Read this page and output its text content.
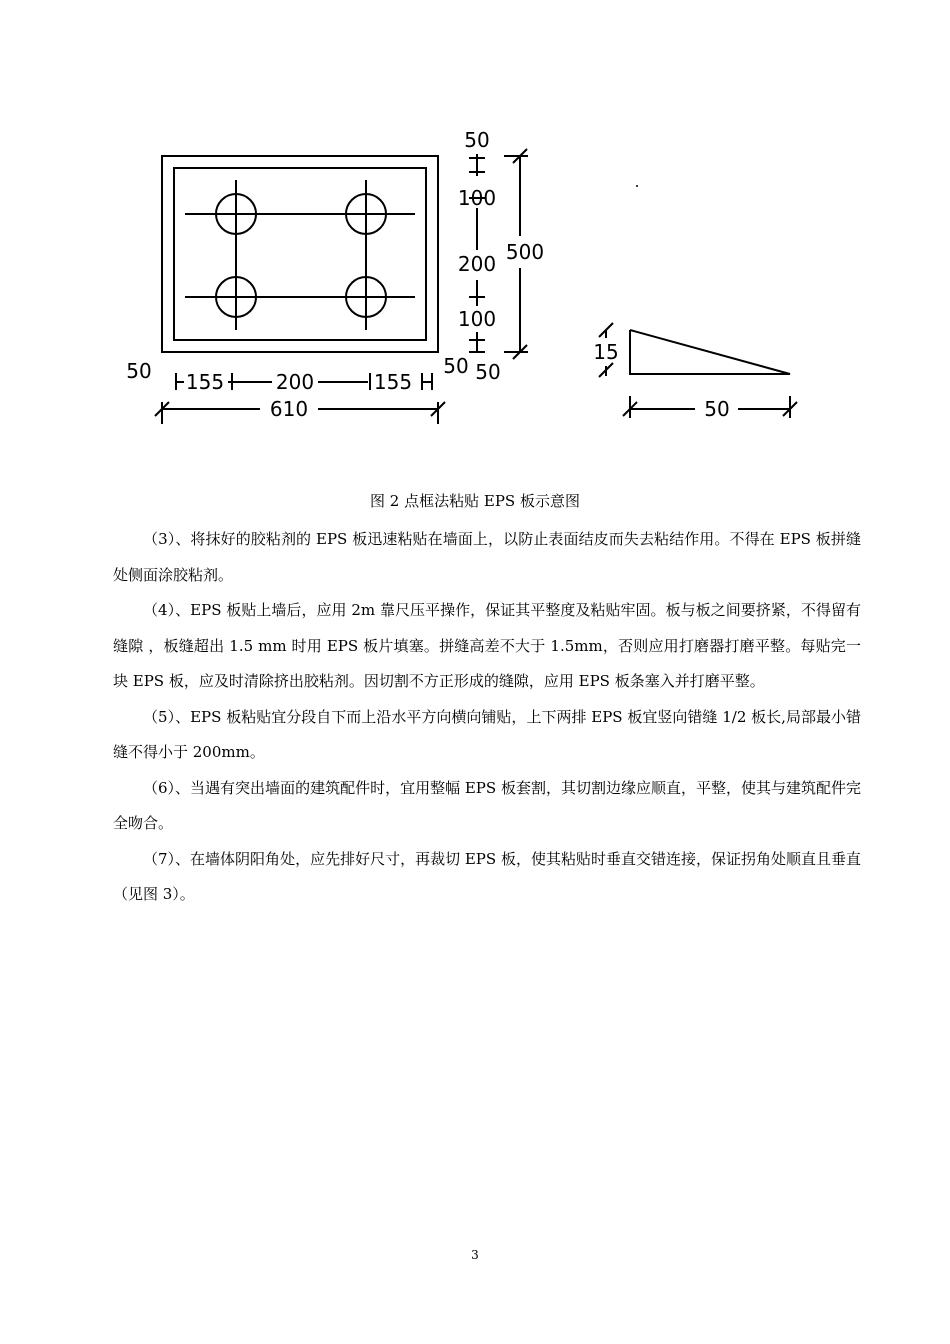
50
100
200
100
50
500
50 155	200	155
50
610
15
50
图 2 点框法粘贴 EPS 板示意图

（3）、将抹好的胶粘剂的 EPS 板迅速粘贴在墙面上，以防止表面结皮而失去粘结作用。不得在 EPS 板拼缝处侧面涂胶粘剂。

（4）、EPS 板贴上墙后，应用 2m 靠尺压平操作，保证其平整度及粘贴牢固。板与板之间要挤紧，不得留有缝隙 ，板缝超出 1.5 mm 时用 EPS 板片填塞。拼缝高差不大于 1.5mm，否则应用打磨器打磨平整。每贴完一块 EPS 板，应及时清除挤出胶粘剂。因切割不方正形成的缝隙，应用 EPS 板条塞入并打磨平整。

（5）、EPS 板粘贴宜分段自下而上沿水平方向横向铺贴，上下两排 EPS 板宜竖向错缝 1/2 板长,局部最小错缝不得小于 200mm。

（6）、当遇有突出墙面的建筑配件时，宜用整幅 EPS 板套割，其切割边缘应顺直，平整，使其与建筑配件完全吻合。

（7）、在墙体阴阳角处，应先排好尺寸，再裁切 EPS 板，使其粘贴时垂直交错连接，保证拐角处顺直且垂直（见图 3）。

3
